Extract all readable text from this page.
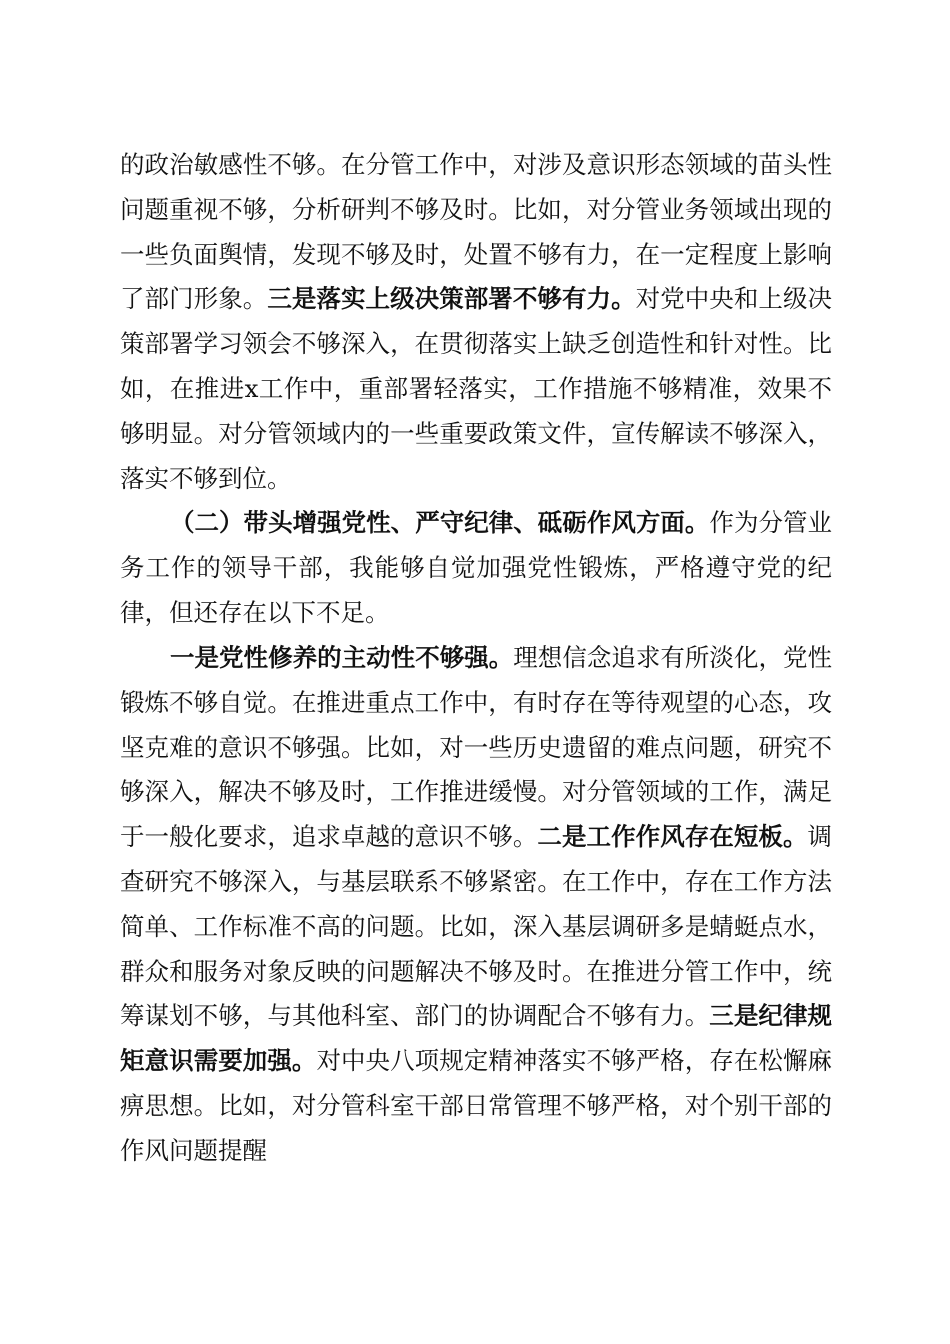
的政治敏感性不够。在分管工作中，对涉及意识形态领域的苗头性问题重视不够，分析研判不够及时。比如，对分管业务领域出现的一些负面舆情，发现不够及时，处置不够有力，在一定程度上影响了部门形象。三是落实上级决策部署不够有力。对党中央和上级决策部署学习领会不够深入，在贯彻落实上缺乏创造性和针对性。比如，在推进x工作中，重部署轻落实，工作措施不够精准，效果不够明显。对分管领域内的一些重要政策文件，宣传解读不够深入，落实不够到位。
（二）带头增强党性、严守纪律、砥砺作风方面。作为分管业务工作的领导干部，我能够自觉加强党性锻炼，严格遵守党的纪律，但还存在以下不足。
一是党性修养的主动性不够强。理想信念追求有所淡化，党性锻炼不够自觉。在推进重点工作中，有时存在等待观望的心态，攻坚克难的意识不够强。比如，对一些历史遗留的难点问题，研究不够深入，解决不够及时，工作推进缓慢。对分管领域的工作，满足于一般化要求，追求卓越的意识不够。二是工作作风存在短板。调查研究不够深入，与基层联系不够紧密。在工作中，存在工作方法简单、工作标准不高的问题。比如，深入基层调研多是蜻蜓点水，群众和服务对象反映的问题解决不够及时。在推进分管工作中，统筹谋划不够，与其他科室、部门的协调配合不够有力。三是纪律规矩意识需要加强。对中央八项规定精神落实不够严格，存在松懈麻痹思想。比如，对分管科室干部日常管理不够严格，对个别干部的作风问题提醒
